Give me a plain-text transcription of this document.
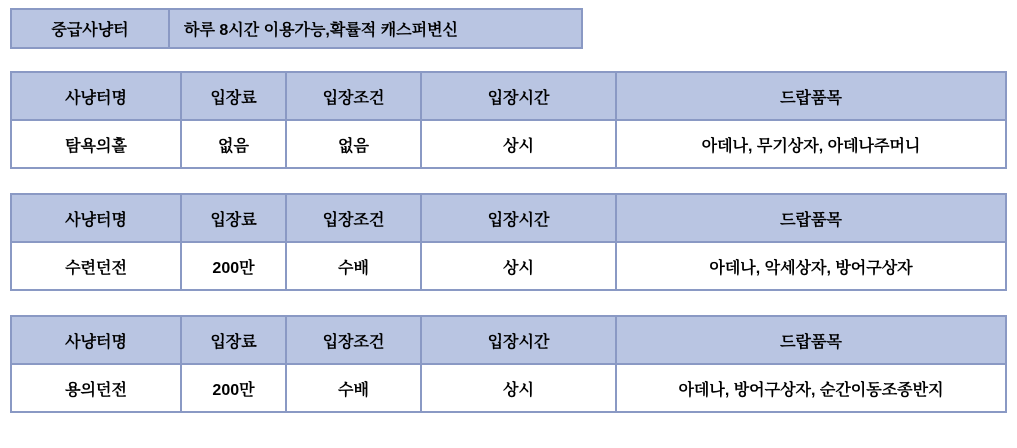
중급사냥터	하루 8시간 이용가능,확률적 캐스퍼변신
사냥터명	입장료	입장조건	입장시간	드랍품목
탐욕의홀	없음	없음	상시	아데나, 무기상자, 아데나주머니
사냥터명	입장료	입장조건	입장시간	드랍품목
수련던전	200만	수배	상시	아데나, 악세상자, 방어구상자
사냥터명	입장료	입장조건	입장시간	드랍품목
용의던전	200만	수배	상시	아데나, 방어구상자, 순간이동조종반지
